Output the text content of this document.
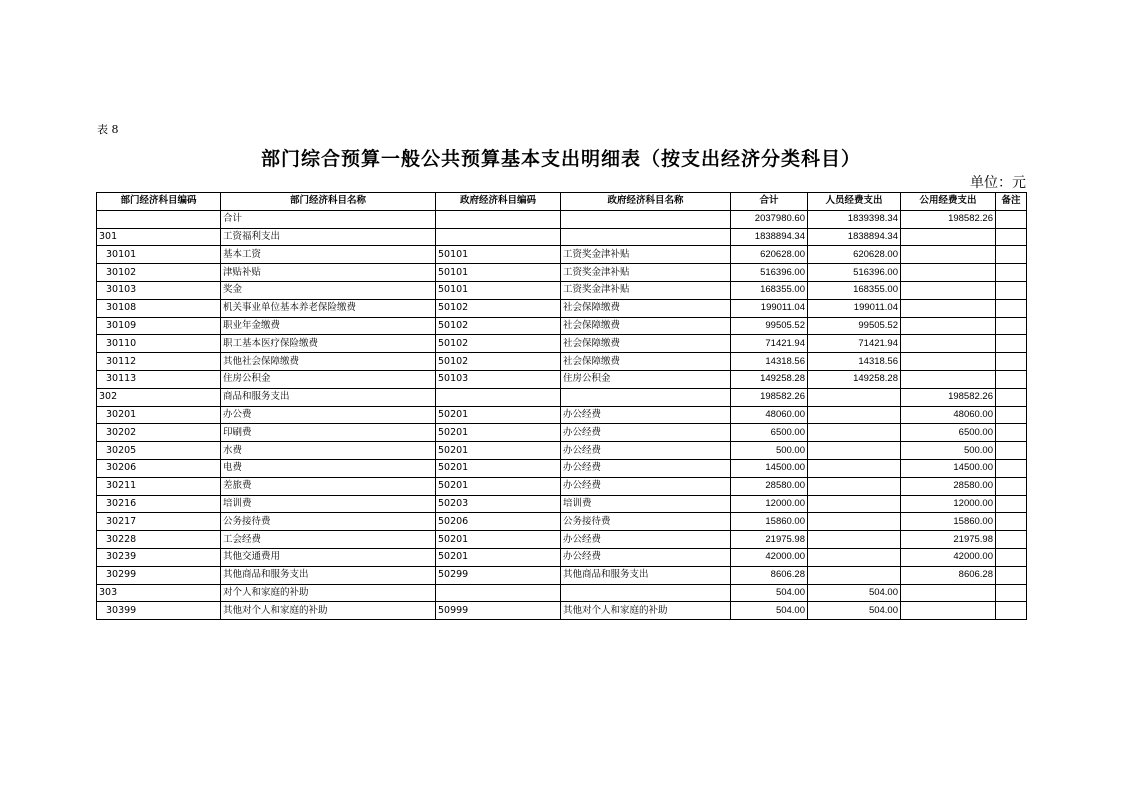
表 8
部门综合预算一般公共预算基本支出明细表（按支出经济分类科目）
单位：元
部门经济科目编码	部门经济科目名称	政府经济科目编码	政府经济科目名称	合计	人员经费支出	公用经费支出	备注
	合计			2037980.60	1839398.34	198582.26	
301	工资福利支出			1838894.34	1838894.34		
30101	基本工资	50101	工资奖金津补贴	620628.00	620628.00		
30102	津贴补贴	50101	工资奖金津补贴	516396.00	516396.00		
30103	奖金	50101	工资奖金津补贴	168355.00	168355.00		
30108	机关事业单位基本养老保险缴费	50102	社会保障缴费	199011.04	199011.04		
30109	职业年金缴费	50102	社会保障缴费	99505.52	99505.52		
30110	职工基本医疗保险缴费	50102	社会保障缴费	71421.94	71421.94		
30112	其他社会保障缴费	50102	社会保障缴费	14318.56	14318.56		
30113	住房公积金	50103	住房公积金	149258.28	149258.28		
302	商品和服务支出			198582.26		198582.26	
30201	办公费	50201	办公经费	48060.00		48060.00	
30202	印刷费	50201	办公经费	6500.00		6500.00	
30205	水费	50201	办公经费	500.00		500.00	
30206	电费	50201	办公经费	14500.00		14500.00	
30211	差旅费	50201	办公经费	28580.00		28580.00	
30216	培训费	50203	培训费	12000.00		12000.00	
30217	公务接待费	50206	公务接待费	15860.00		15860.00	
30228	工会经费	50201	办公经费	21975.98		21975.98	
30239	其他交通费用	50201	办公经费	42000.00		42000.00	
30299	其他商品和服务支出	50299	其他商品和服务支出	8606.28		8606.28	
303	对个人和家庭的补助			504.00	504.00		
30399	其他对个人和家庭的补助	50999	其他对个人和家庭的补助	504.00	504.00		
